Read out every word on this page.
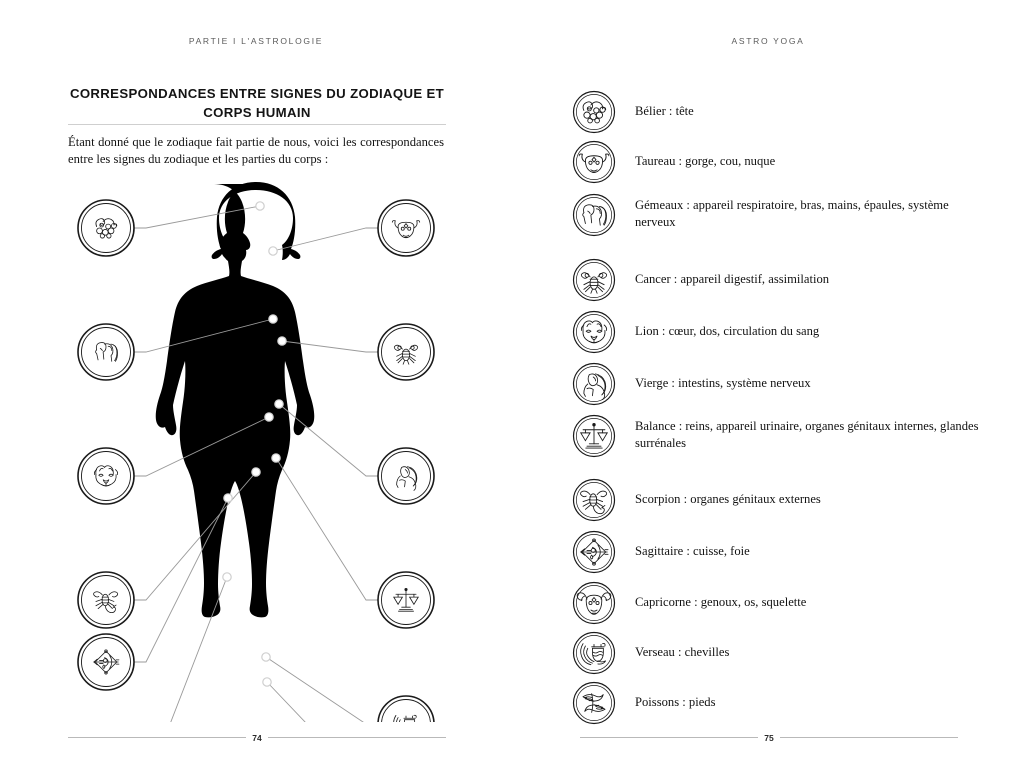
PARTIE I L'ASTROLOGIE
CORRESPONDANCES ENTRE SIGNES DU ZODIAQUE ET CORPS HUMAIN
Étant donné que le zodiaque fait partie de nous, voici les correspondances entre les signes du zodiaque et les parties du corps :
74
ASTRO YOGA
Bélier : tête
Taureau : gorge, cou, nuque
Gémeaux : appareil respiratoire, bras, mains, épaules, système nerveux
Cancer : appareil digestif, assimilation
Lion : cœur, dos, circulation du sang
Vierge : intestins, système nerveux
Balance : reins, appareil urinaire, organes génitaux internes, glandes surrénales
Scorpion : organes génitaux externes
Sagittaire : cuisse, foie
Capricorne : genoux, os, squelette
Verseau : chevilles
Poissons : pieds
75
